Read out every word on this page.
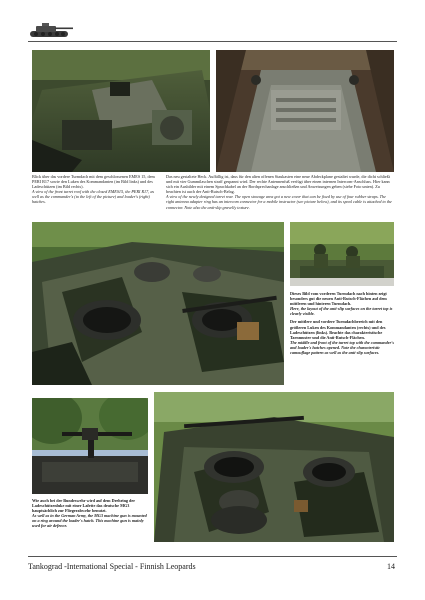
Blick über das vordere Turmdach mit dem geschlossenen EMES 15, dem PERI R17 sowie den Luken des Kommandanten (im Bild links) und des Ladeschützen (im Bild rechts).

A view of the front turret roof with the closed EMES15, the PERI R17, as well as the commander's (to the left of the picture) and loader's (right) hatches.

Das neu gestaltete Heck. Auffällig ist, dass für den alten offenen Staukasten eine neue Abdeckplane gestaltet wurde, die dicht schließt und mit vier Gummilaschen straff gespannt wird. Der rechte Antennenfuß verfügt über einen internen Intercom-Anschluss. Hier kann sich ein Ausbilder mit einem Sprachkabel an der Bordsprechanlage anschließen und Anweisungen geben (siehe Foto unten). Zu beachten ist auch der Anti-Rutsch-Belag.

A view of the newly designed turret rear. The open stowage area got a new cover that can be fixed by use of four rubber straps. The right antenna adapter ring has an intercom connector for a mobile instructor (see picture below), and its spool cable is attached to the connector. Note also the anti-slip gravelly texture.

Dieses Bild vom vorderen Turmdach nach hinten zeigt besonders gut die neuen Anti-Rutsch-Flächen auf dem mittleren und hinteren Turmdach.

Here, the layout of the anti-slip surfaces on the turret top is clearly visible.

Der mittlere und vordere Turmdachbereich mit den größeren Luken des Kommandanten (rechts) und des Ladeschützen (links). Beachte das charakteristische Tarnmuster und die Anti-Rutsch-Flächen.

The middle and front of the turret top with the commander's and loader's hatches opened. Note the characteristic camouflage pattern as well as the anti-slip surfaces.

Wie auch bei der Bundeswehr wird auf dem Drehring der Ladeschützenluke mit einer Lafette das deutsche MG3 hauptsächlich zur Fliegerabwehr benutzt.

As well as in the German Army, the MG3 machine gun is mounted on a ring around the loader's hatch. This machine gun is mainly used for air defence.

Tankograd -International Special - Finnish Leopards	14
